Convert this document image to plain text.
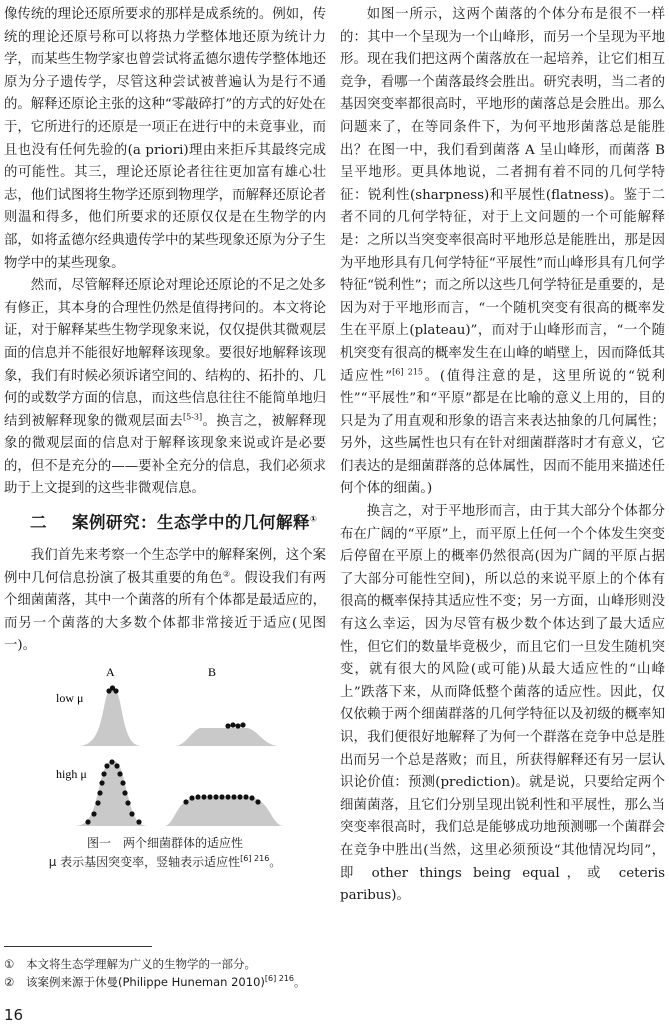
像传统的理论还原所要求的那样是成系统的。例如，传统的理论还原号称可以将热力学整体地还原为统计力学，而某些生物学家也曾尝试将孟德尔遗传学整体地还原为分子遗传学，尽管这种尝试被普遍认为是行不通的。解释还原论主张的这种“零敲碎打”的方式的好处在于，它所进行的还原是一项正在进行中的未竟事业，而且也没有任何先验的(a priori)理由来拒斥其最终完成的可能性。其三，理论还原论者往往更加富有雄心壮志，他们试图将生物学还原到物理学，而解释还原论者则温和得多，他们所要求的还原仅仅是在生物学的内部，如将孟德尔经典遗传学中的某些现象还原为分子生物学中的某些现象。

然而，尽管解释还原论对理论还原论的不足之处多有修正，其本身的合理性仍然是值得拷问的。本文将论证，对于解释某些生物学现象来说，仅仅提供其微观层面的信息并不能很好地解释该现象。要很好地解释该现象，我们有时候必须诉诸空间的、结构的、拓扑的、几何的或数学方面的信息，而这些信息往往不能简单地归结到被解释现象的微观层面去[5-3]。换言之，被解释现象的微观层面的信息对于解释该现象来说或许是必要的，但不是充分的——要补全充分的信息，我们必须求助于上文提到的这些非微观信息。

二 案例研究：生态学中的几何解释①

我们首先来考察一个生态学中的解释案例，这个案例中几何信息扮演了极其重要的角色②。假设我们有两个细菌菌落，其中一个菌落的所有个体都是最适应的，而另一个菌落的大多数个体都非常接近于适应(见图一)。

A	B
low μ
high μ
图一　两个细菌群体的适应性
μ 表示基因突变率，竖轴表示适应性$^{[6] 216}$。

如图一所示，这两个菌落的个体分布是很不一样的：其中一个呈现为一个山峰形，而另一个呈现为平地形。现在我们把这两个菌落放在一起培养，让它们相互竞争，看哪一个菌落最终会胜出。研究表明，当二者的基因突变率都很高时，平地形的菌落总是会胜出。那么问题来了，在等同条件下，为何平地形菌落总是能胜出？在图一中，我们看到菌落 A 呈山峰形，而菌落 B 呈平地形。更具体地说，二者拥有着不同的几何学特征：锐利性(sharpness)和平展性(flatness)。鉴于二者不同的几何学特征，对于上文问题的一个可能解释是：之所以当突变率很高时平地形总是能胜出，那是因为平地形具有几何学特征“平展性”而山峰形具有几何学特征“锐利性”；而之所以这些几何学特征是重要的，是因为对于平地形而言，“一个随机突变有很高的概率发生在平原上(plateau)”，而对于山峰形而言，“一个随机突变有很高的概率发生在山峰的峭壁上，因而降低其适应性”$^{[6] 215}$。(值得注意的是，这里所说的“锐利性”“平展性”和“平原”都是在比喻的意义上用的，目的只是为了用直观和形象的语言来表达抽象的几何属性；另外，这些属性也只有在针对细菌群落时才有意义，它们表达的是细菌群落的总体属性，因而不能用来描述任何个体的细菌。)

换言之，对于平地形而言，由于其大部分个体都分布在广阔的“平原”上，而平原上任何一个个体发生突变后停留在平原上的概率仍然很高(因为广阔的平原占据了大部分可能性空间)，所以总的来说平原上的个体有很高的概率保持其适应性不变；另一方面，山峰形则没有这么幸运，因为尽管有极少数个体达到了最大适应性，但它们的数量毕竟极少，而且它们一旦发生随机突变，就有很大的风险(或可能)从最大适应性的“山峰上”跌落下来，从而降低整个菌落的适应性。因此，仅仅依赖于两个细菌群落的几何学特征以及初级的概率知识，我们便很好地解释了为何一个群落在竞争中总是胜出而另一个总是落败；而且，所获得解释还有另一层认识论价值：预测(prediction)。就是说，只要给定两个细菌菌落，且它们分别呈现出锐利性和平展性，那么当突变率很高时，我们总是能够成功地预测哪一个菌群会在竞争中胜出(当然，这里必须预设“其他情况均同”，即 other things being equal，或 ceteris paribus)。

① 本文将生态学理解为广义的生物学的一部分。
② 该案例来源于休曼(Philippe Huneman 2010)$^{[6] 216}$。
16
